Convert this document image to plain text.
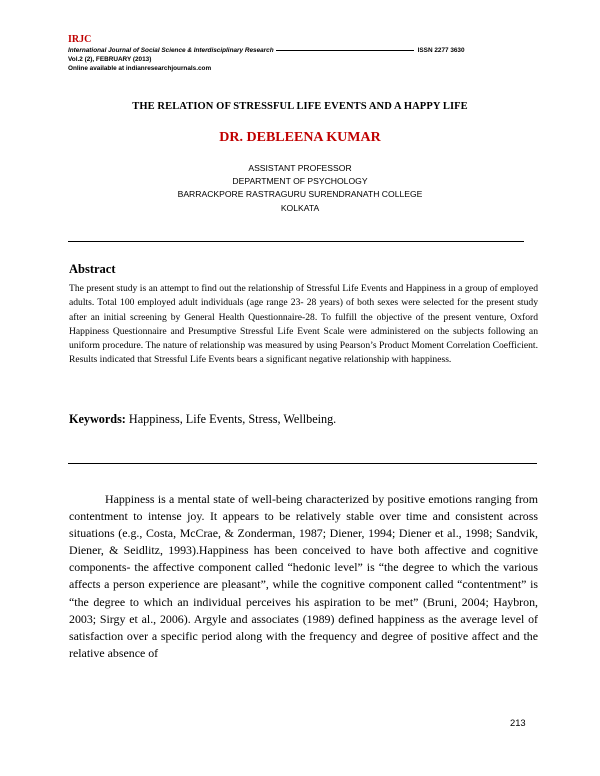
IRJC
International Journal of Social Science & Interdisciplinary Research	ISSN 2277 3630
Vol.2 (2), FEBRUARY (2013)
Online available at indianresearchjournals.com
THE RELATION OF STRESSFUL LIFE EVENTS AND A HAPPY LIFE
DR. DEBLEENA KUMAR
ASSISTANT PROFESSOR
DEPARTMENT OF PSYCHOLOGY
BARRACKPORE RASTRAGURU SURENDRANATH COLLEGE
KOLKATA
Abstract
The present study is an attempt to find out the relationship of Stressful Life Events and Happiness in a group of employed adults. Total 100 employed adult individuals (age range 23- 28 years) of both sexes were selected for the present study after an initial screening by General Health Questionnaire-28. To fulfill the objective of the present venture, Oxford Happiness Questionnaire and Presumptive Stressful Life Event Scale were administered on the subjects following an uniform procedure. The nature of relationship was measured by using Pearson’s Product Moment Correlation Coefficient. Results indicated that Stressful Life Events bears a significant negative relationship with happiness.
Keywords: Happiness, Life Events, Stress, Wellbeing.
Happiness is a mental state of well-being characterized by positive emotions ranging from contentment to intense joy. It appears to be relatively stable over time and consistent across situations (e.g., Costa, McCrae, & Zonderman, 1987; Diener, 1994; Diener et al., 1998; Sandvik, Diener, & Seidlitz, 1993).Happiness has been conceived to have both affective and cognitive components- the affective component called “hedonic level” is “the degree to which the various affects a person experience are pleasant”, while the cognitive component called “contentment” is “the degree to which an individual perceives his aspiration to be met” (Bruni, 2004; Haybron, 2003; Sirgy et al., 2006). Argyle and associates (1989) defined happiness as the average level of satisfaction over a specific period along with the frequency and degree of positive affect and the relative absence of
213
